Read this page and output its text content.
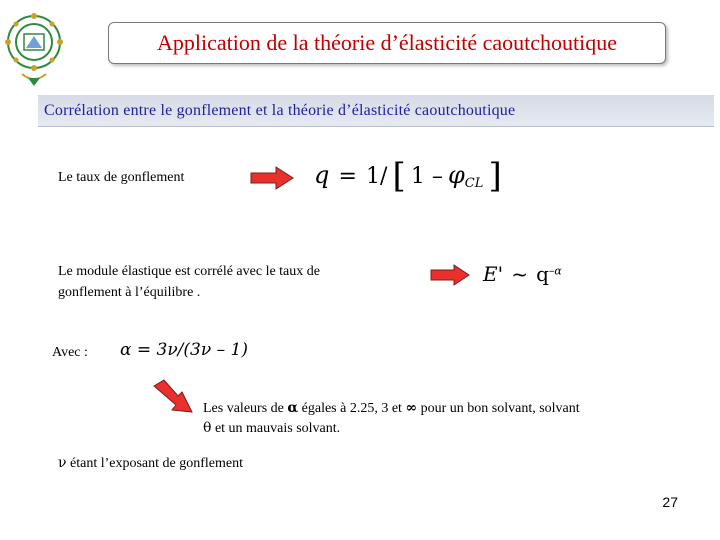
Application de la théorie d’élasticité caoutchoutique
Corrélation entre le gonflement et la théorie d’élasticité caoutchoutique
Le taux de gonflement	q = 1/ [ $1 - \varphi_{CL}$ ]
Le module élastique est corrélé avec le taux de
gonflement à l’équilibre .
E' ~ $q^{-\alpha}$
Avec : α = 3ν/(3ν – 1)
Les valeurs de α égales à 2.25, 3 et ∞ pour un bon solvant, solvant
θ et un mauvais solvant.
ν étant l’exposant de gonflement
27
